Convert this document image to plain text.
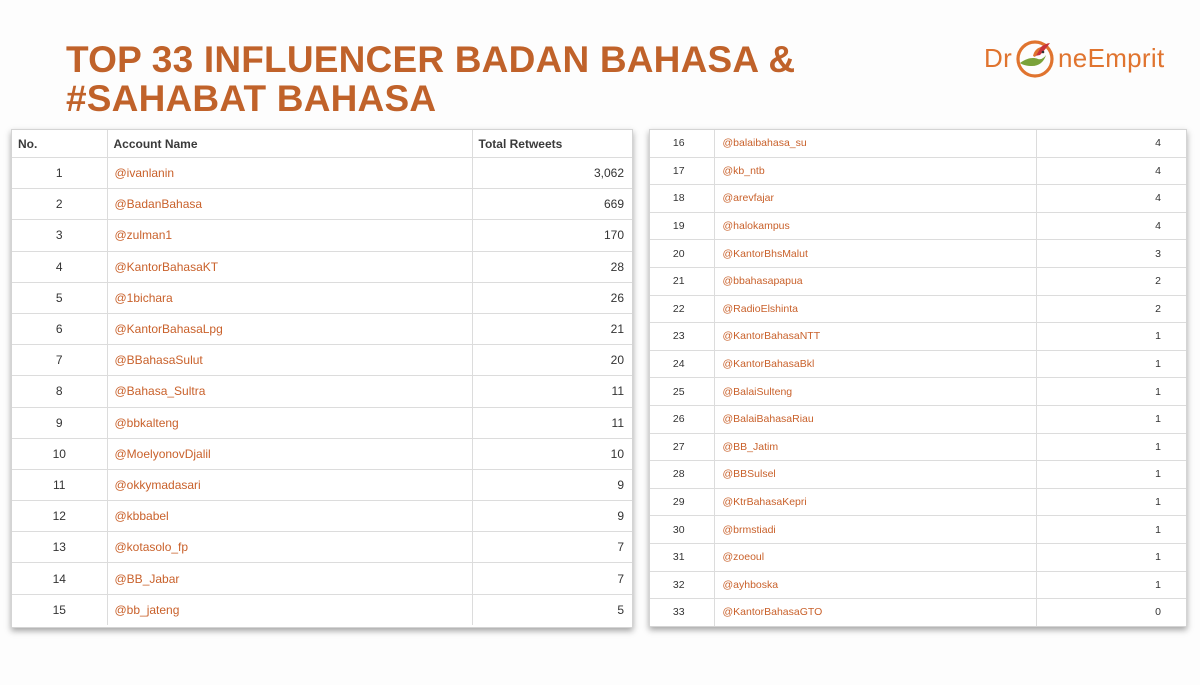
TOP 33 INFLUENCER BADAN BAHASA &
#SAHABAT BAHASA
Dr neEmprit
No.	Account Name	Total Retweets
1	@ivanlanin	3,062
2	@BadanBahasa	669
3	@zulman1	170
4	@KantorBahasaKT	28
5	@1bichara	26
6	@KantorBahasaLpg	21
7	@BBahasaSulut	20
8	@Bahasa_Sultra	11
9	@bbkalteng	11
10	@MoelyonovDjalil	10
11	@okkymadasari	9
12	@kbbabel	9
13	@kotasolo_fp	7
14	@BB_Jabar	7
15	@bb_jateng	5
16	@balaibahasa_su	4
17	@kb_ntb	4
18	@arevfajar	4
19	@halokampus	4
20	@KantorBhsMalut	3
21	@bbahasapapua	2
22	@RadioElshinta	2
23	@KantorBahasaNTT	1
24	@KantorBahasaBkl	1
25	@BalaiSulteng	1
26	@BalaiBahasaRiau	1
27	@BB_Jatim	1
28	@BBSulsel	1
29	@KtrBahasaKepri	1
30	@brmstiadi	1
31	@zoeoul	1
32	@ayhboska	1
33	@KantorBahasaGTO	0
